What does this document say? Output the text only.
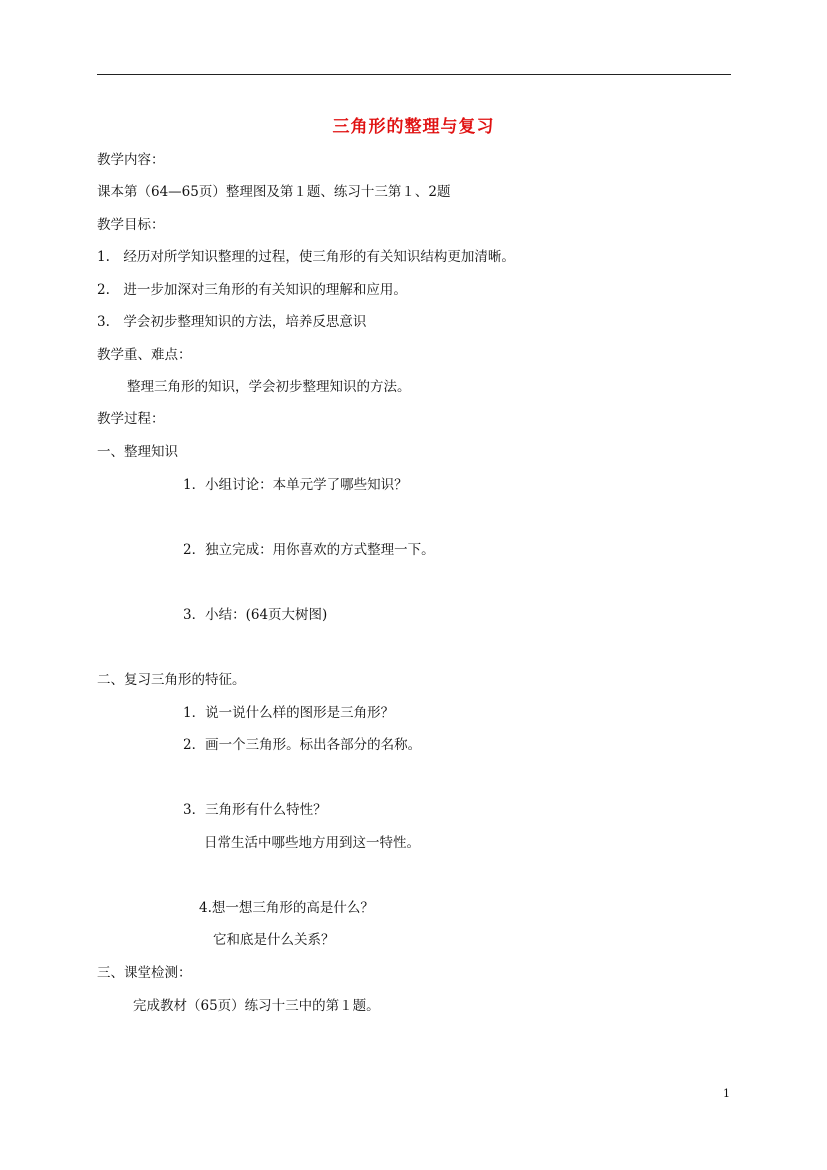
三角形的整理与复习
教学内容：
课本第（64—65页）整理图及第１题、练习十三第１、2题
教学目标：
1.　经历对所学知识整理的过程，使三角形的有关知识结构更加清晰。
2.　进一步加深对三角形的有关知识的理解和应用。
3.　学会初步整理知识的方法，培养反思意识
教学重、难点：
整理三角形的知识，学会初步整理知识的方法。
教学过程：
一、整理知识
1．小组讨论：本单元学了哪些知识？
2．独立完成：用你喜欢的方式整理一下。
3．小结：(64页大树图)
二、复习三角形的特征。
1．说一说什么样的图形是三角形？
2．画一个三角形。标出各部分的名称。
3．三角形有什么特性？
日常生活中哪些地方用到这一特性。
4.想一想三角形的高是什么？
它和底是什么关系？
三、课堂检测：
完成教材（65页）练习十三中的第１题。
1
